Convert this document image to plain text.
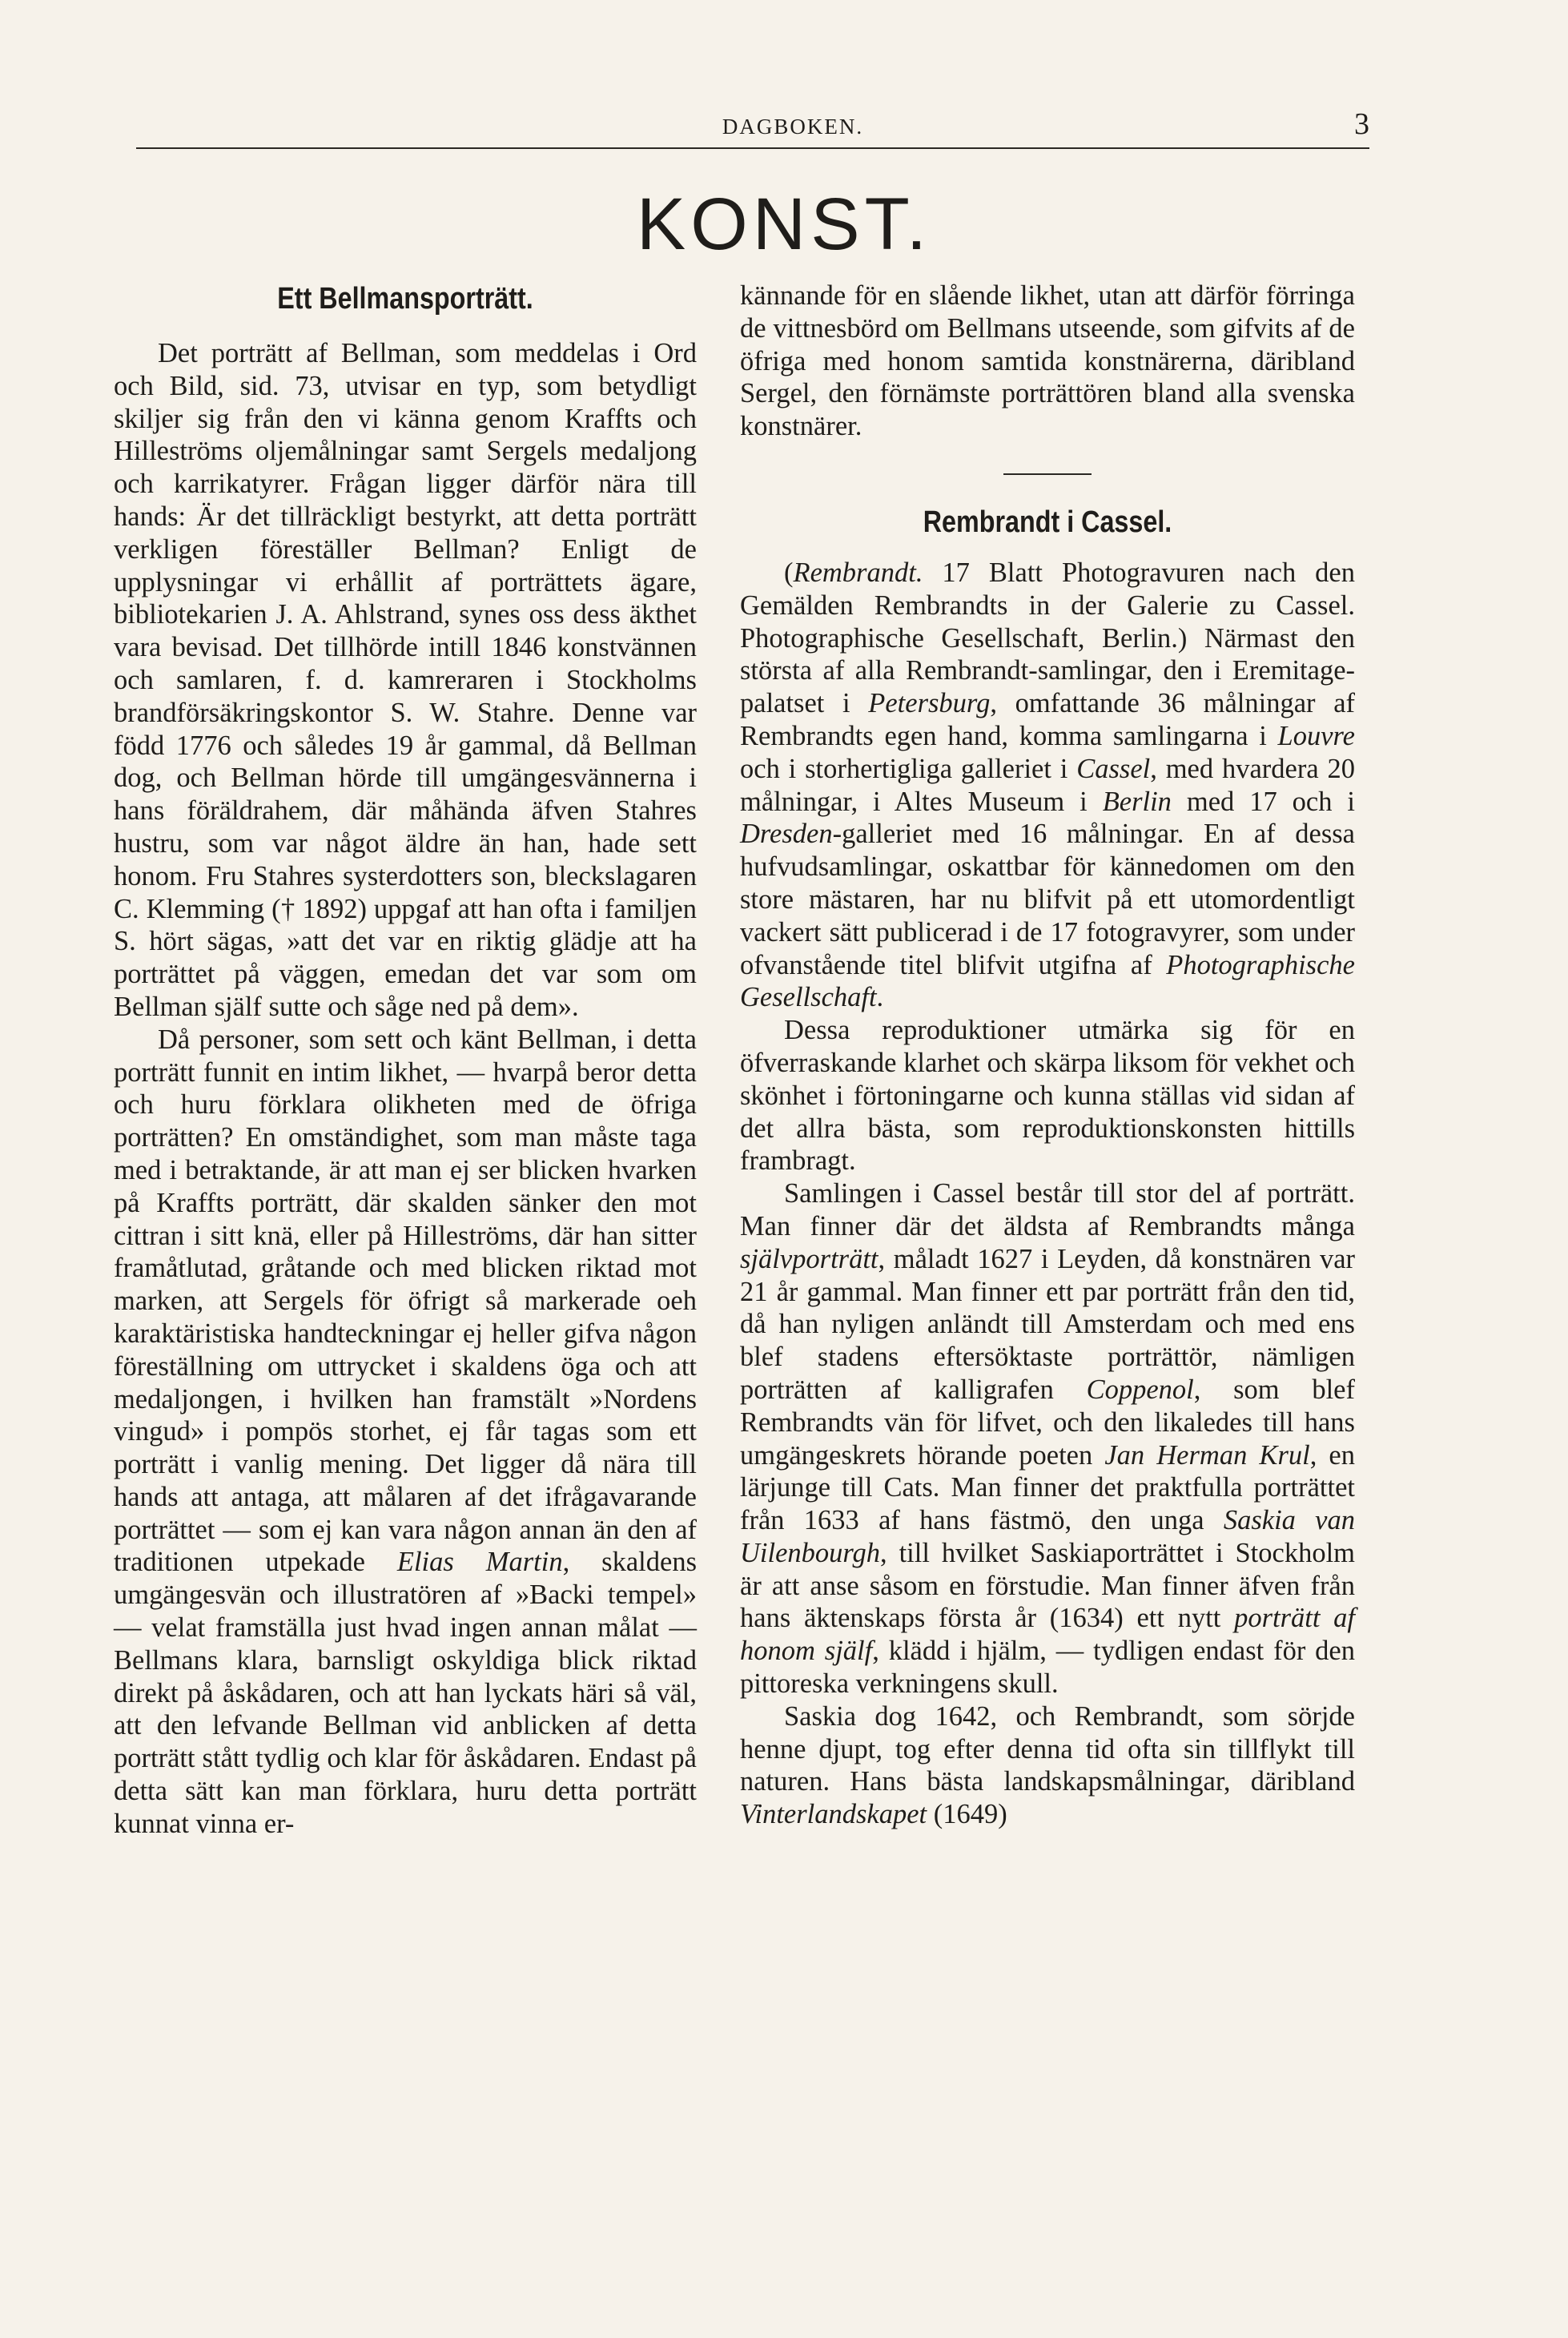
DAGBOKEN.	3
KONST.
Ett Bellmansporträtt.

Det porträtt af Bellman, som meddelas i Ord och Bild, sid. 73, utvisar en typ, som betydligt skiljer sig från den vi känna genom Kraffts och Hilleströms oljemålningar samt Sergels medaljong och karrikatyrer. Frågan ligger därför nära till hands: Är det tillräckligt bestyrkt, att detta porträtt verkligen föreställer Bellman? Enligt de upplysningar vi erhållit af porträttets ägare, bibliotekarien J. A. Ahlstrand, synes oss dess äkthet vara bevisad. Det tillhörde intill 1846 konstvännen och samlaren, f. d. kamreraren i Stockholms brandförsäkringskontor S. W. Stahre. Denne var född 1776 och således 19 år gammal, då Bellman dog, och Bellman hörde till umgängesvännerna i hans föräldrahem, där måhända äfven Stahres hustru, som var något äldre än han, hade sett honom. Fru Stahres systerdotters son, bleckslagaren C. Klemming († 1892) uppgaf att han ofta i familjen S. hört sägas, »att det var en riktig glädje att ha porträttet på väggen, emedan det var som om Bellman själf sutte och såge ned på dem».

Då personer, som sett och känt Bellman, i detta porträtt funnit en intim likhet, — hvarpå beror detta och huru förklara olikheten med de öfriga porträtten? En omständighet, som man måste taga med i betraktande, är att man ej ser blicken hvarken på Kraffts porträtt, där skalden sänker den mot cittran i sitt knä, eller på Hilleströms, där han sitter framåtlutad, gråtande och med blicken riktad mot marken, att Sergels för öfrigt så markerade oeh karaktäristiska handteckningar ej heller gifva någon föreställning om uttrycket i skaldens öga och att medaljongen, i hvilken han framstält »Nordens vingud» i pompös storhet, ej får tagas som ett porträtt i vanlig mening. Det ligger då nära till hands att antaga, att målaren af det ifrågavarande porträttet — som ej kan vara någon annan än den af traditionen utpekade Elias Martin, skaldens umgängesvän och illustratören af »Backi tempel» — velat framställa just hvad ingen annan målat — Bellmans klara, barnsligt oskyldiga blick riktad direkt på åskådaren, och att han lyckats häri så väl, att den lefvande Bellman vid anblicken af detta porträtt stått tydlig och klar för åskådaren. Endast på detta sätt kan man förklara, huru detta porträtt kunnat vinna er-

kännande för en slående likhet, utan att därför förringa de vittnesbörd om Bellmans utseende, som gifvits af de öfriga med honom samtida konstnärerna, däribland Sergel, den förnämste porträttören bland alla svenska konstnärer.

Rembrandt i Cassel.

(Rembrandt. 17 Blatt Photogravuren nach den Gemälden Rembrandts in der Galerie zu Cassel. Photographische Gesellschaft, Berlin.) Närmast den största af alla Rembrandt-samlingar, den i Eremitage-palatset i Petersburg, omfattande 36 målningar af Rembrandts egen hand, komma samlingarna i Louvre och i storhertigliga galleriet i Cassel, med hvardera 20 målningar, i Altes Museum i Berlin med 17 och i Dresden-galleriet med 16 målningar. En af dessa hufvudsamlingar, oskattbar för kännedomen om den store mästaren, har nu blifvit på ett utomordentligt vackert sätt publicerad i de 17 fotogravyrer, som under ofvanstående titel blifvit utgifna af Photographische Gesellschaft.

Dessa reproduktioner utmärka sig för en öfverraskande klarhet och skärpa liksom för vekhet och skönhet i förtoningarne och kunna ställas vid sidan af det allra bästa, som reproduktionskonsten hittills frambragt.

Samlingen i Cassel består till stor del af porträtt. Man finner där det äldsta af Rembrandts många självporträtt, måladt 1627 i Leyden, då konstnären var 21 år gammal. Man finner ett par porträtt från den tid, då han nyligen anländt till Amsterdam och med ens blef stadens eftersöktaste porträttör, nämligen porträtten af kalligrafen Coppenol, som blef Rembrandts vän för lifvet, och den likaledes till hans umgängeskrets hörande poeten Jan Herman Krul, en lärjunge till Cats. Man finner det praktfulla porträttet från 1633 af hans fästmö, den unga Saskia van Uilenbourgh, till hvilket Saskiaporträttet i Stockholm är att anse såsom en förstudie. Man finner äfven från hans äktenskaps första år (1634) ett nytt porträtt af honom själf, klädd i hjälm, — tydligen endast för den pittoreska verkningens skull.

Saskia dog 1642, och Rembrandt, som sörjde henne djupt, tog efter denna tid ofta sin tillflykt till naturen. Hans bästa landskapsmålningar, däribland Vinterlandskapet (1649)
